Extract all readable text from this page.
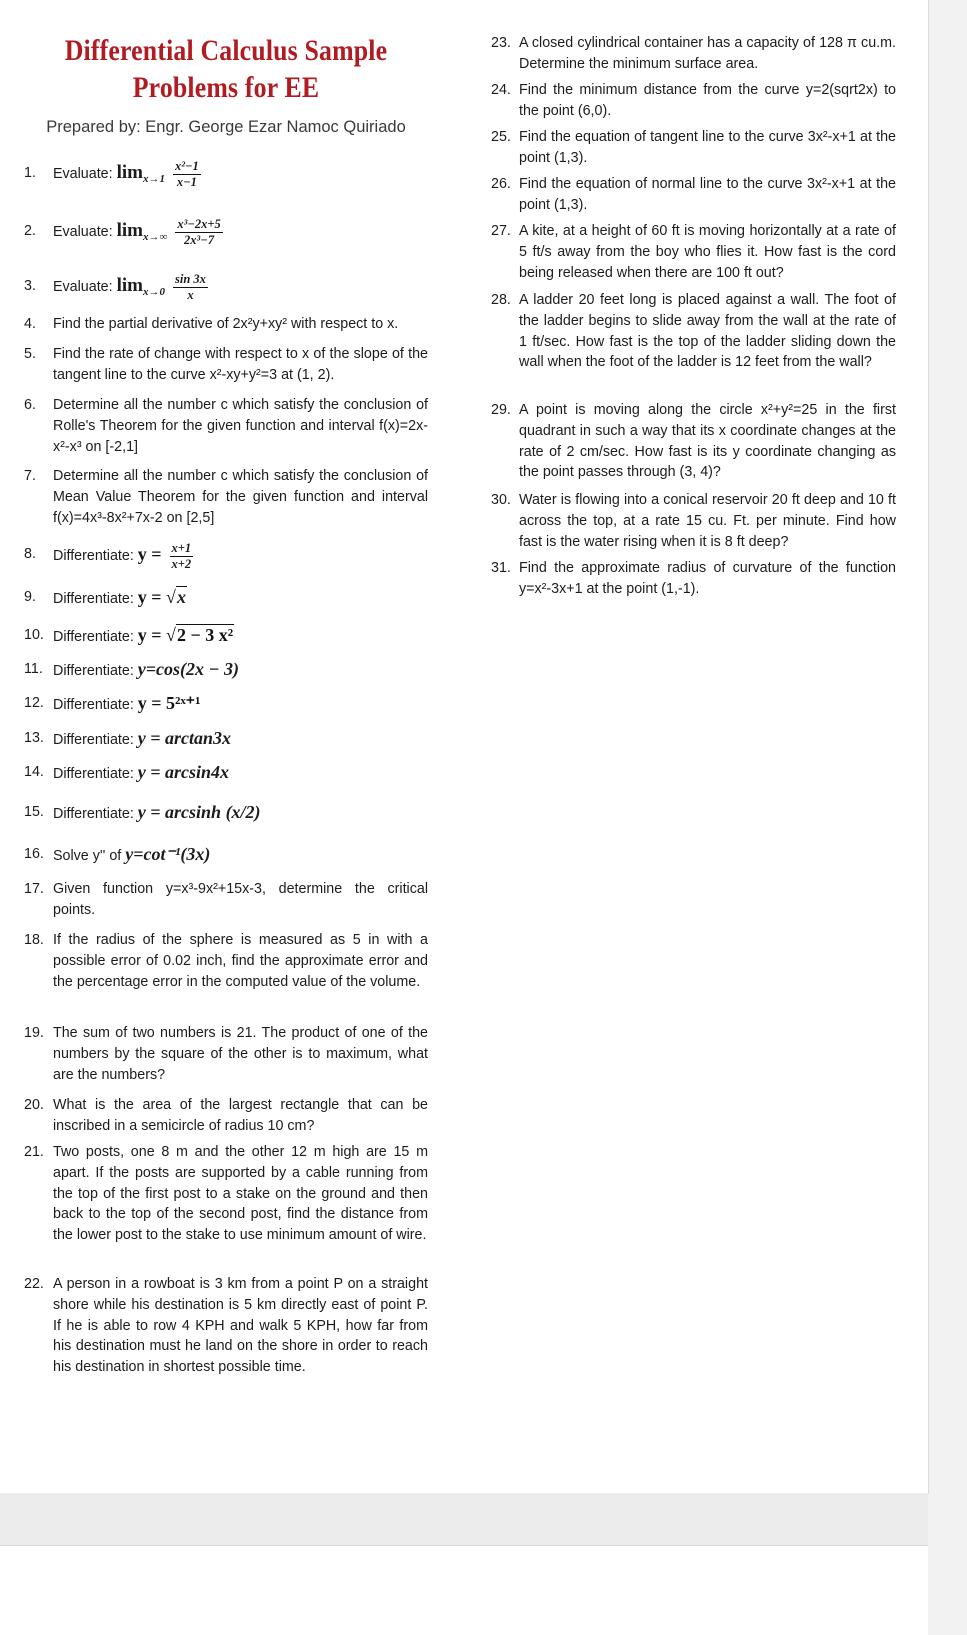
Differential Calculus Sample
Problems for EE
Prepared by: Engr. George Ezar Namoc Quiriado
1.	Evaluate: $\lim_{x\to 1} \frac{\text{x²−1}}{x-1}$
2.	Evaluate: $\lim_{x\to\infty} \frac{\text{x³−2x+5}}{\text{2x³−7}}$
3.	Evaluate: $\lim_{x\to 0} \frac{\sin 3x}{x}$
4.	Find the partial derivative of 2x²y+xy² with respect to x.
5.	Find the rate of change with respect to x of the slope of the tangent line to the curve x²-xy+y²=3 at (1, 2).
6.	Determine all the number c which satisfy the conclusion of Rolle's Theorem for the given function and interval f(x)=2x-x²-x³ on [-2,1]
7.	Determine all the number c which satisfy the conclusion of Mean Value Theorem for the given function and interval f(x)=4x³-8x²+7x-2 on [2,5]
8.	Differentiate: $y = \frac{x+1}{x+2}$
9.	Differentiate: y = √x
10. Differentiate: y = √2 − 3 x²
11. Differentiate: y=cos(2x − 3)
12. Differentiate: y = 5²ˣ⁺¹
13. Differentiate: y = arctan3x
14. Differentiate: y = arcsin4x
15. Differentiate: y = arcsinh (x/2)
16. Solve y'' of y=cot⁻¹(3x)
17. Given function y=x³-9x²+15x-3, determine the critical points.
18. If the radius of the sphere is measured as 5 in with a possible error of 0.02 inch, find the approximate error and the percentage error in the computed value of the volume.
19. The sum of two numbers is 21. The product of one of the numbers by the square of the other is to maximum, what are the numbers?
20. What is the area of the largest rectangle that can be inscribed in a semicircle of radius 10 cm?
21. Two posts, one 8 m and the other 12 m high are 15 m apart. If the posts are supported by a cable running from the top of the first post to a stake on the ground and then back to the top of the second post, find the distance from the lower post to the stake to use minimum amount of wire.
22. A person in a rowboat is 3 km from a point P on a straight shore while his destination is 5 km directly east of point P. If he is able to row 4 KPH and walk 5 KPH, how far from his destination must he land on the shore in order to reach his destination in shortest possible time.
23. A closed cylindrical container has a capacity of 128 π cu.m. Determine the minimum surface area.
24. Find the minimum distance from the curve y=2(sqrt2x) to the point (6,0).
25. Find the equation of tangent line to the curve 3x²-x+1 at the point (1,3).
26. Find the equation of normal line to the curve 3x²-x+1 at the point (1,3).
27. A kite, at a height of 60 ft is moving horizontally at a rate of 5 ft/s away from the boy who flies it. How fast is the cord being released when there are 100 ft out?
28. A ladder 20 feet long is placed against a wall. The foot of the ladder begins to slide away from the wall at the rate of 1 ft/sec. How fast is the top of the ladder sliding down the wall when the foot of the ladder is 12 feet from the wall?
29. A point is moving along the circle x²+y²=25 in the first quadrant in such a way that its x coordinate changes at the rate of 2 cm/sec. How fast is its y coordinate changing as the point passes through (3, 4)?
30. Water is flowing into a conical reservoir 20 ft deep and 10 ft across the top, at a rate 15 cu. Ft. per minute. Find how fast is the water rising when it is 8 ft deep?
31. Find the approximate radius of curvature of the function y=x²-3x+1 at the point (1,-1).
